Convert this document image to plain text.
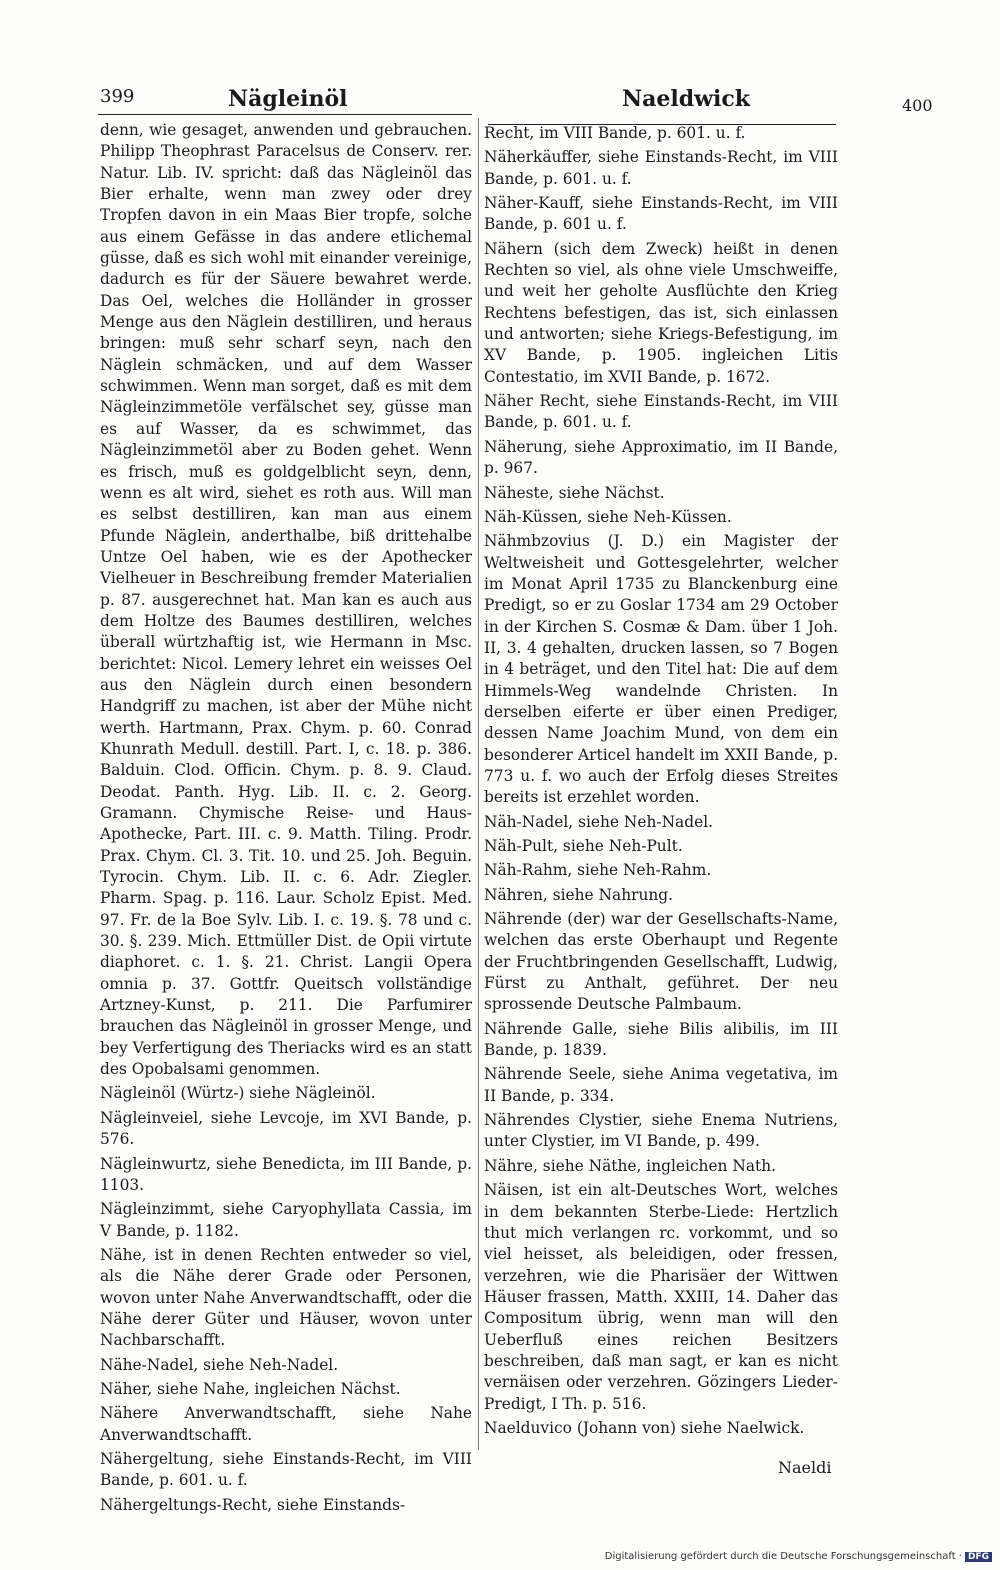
399	Nägleinöl	Naeldwick	400

denn, wie gesaget, anwenden und gebrauchen. Philipp Theophrast Paracelsus de Conserv. rer. Natur. Lib. IV. spricht: daß das Nägleinöl das Bier erhalte, wenn man zwey oder drey Tropfen davon in ein Maas Bier tropfe, solche aus einem Gefässe in das andere etlichemal güsse, daß es sich wohl mit einander vereinige, dadurch es für der Säuere bewahret werde. Das Oel, welches die Holländer in grosser Menge aus den Näglein destilliren, und heraus bringen: muß sehr scharf seyn, nach den Näglein schmäcken, und auf dem Wasser schwimmen. Wenn man sorget, daß es mit dem Nägleinzimmetöle verfälschet sey, güsse man es auf Wasser, da es schwimmet, das Nägleinzimmetöl aber zu Boden gehet. Wenn es frisch, muß es goldgelblicht seyn, denn, wenn es alt wird, siehet es roth aus. Will man es selbst destilliren, kan man aus einem Pfunde Näglein, anderthalbe, biß drittehalbe Untze Oel haben, wie es der Apothecker Vielheuer in Beschreibung fremder Materialien p. 87. ausgerechnet hat. Man kan es auch aus dem Holtze des Baumes destilliren, welches überall würtzhaftig ist, wie Hermann in Msc. berichtet: Nicol. Lemery lehret ein weisses Oel aus den Näglein durch einen besondern Handgriff zu machen, ist aber der Mühe nicht werth. Hartmann, Prax. Chym. p. 60. Conrad Khunrath Medull. destill. Part. I, c. 18. p. 386. Balduin. Clod. Officin. Chym. p. 8. 9. Claud. Deodat. Panth. Hyg. Lib. II. c. 2. Georg. Gramann. Chymische Reise- und Haus-Apothecke, Part. III. c. 9. Matth. Tiling. Prodr. Prax. Chym. Cl. 3. Tit. 10. und 25. Joh. Beguin. Tyrocin. Chym. Lib. II. c. 6. Adr. Ziegler. Pharm. Spag. p. 116. Laur. Scholz Epist. Med. 97. Fr. de la Boe Sylv. Lib. I. c. 19. §. 78 und c. 30. §. 239. Mich. Ettmüller Dist. de Opii virtute diaphoret. c. 1. §. 21. Christ. Langii Opera omnia p. 37. Gottfr. Queitsch vollständige Artzney-Kunst, p. 211. Die Parfumirer brauchen das Nägleinöl in grosser Menge, und bey Verfertigung des Theriacks wird es an statt des Opobalsami genommen.

Nägleinöl (Würtz-) siehe Nägleinöl.

Nägleinveiel, siehe Levcoje, im XVI Bande, p. 576.

Nägleinwurtz, siehe Benedicta, im III Bande, p. 1103.

Nägleinzimmt, siehe Caryophyllata Cassia, im V Bande, p. 1182.

Nähe, ist in denen Rechten entweder so viel, als die Nähe derer Grade oder Personen, wovon unter Nahe Anverwandtschafft, oder die Nähe derer Güter und Häuser, wovon unter Nachbarschafft.

Nähe-Nadel, siehe Neh-Nadel.

Näher, siehe Nahe, ingleichen Nächst.

Nähere Anverwandtschafft, siehe Nahe Anverwandtschafft.

Nähergeltung, siehe Einstands-Recht, im VIII Bande, p. 601. u. f.

Nähergeltungs-Recht, siehe Einstands-

Recht, im VIII Bande, p. 601. u. f.

Näherkäuffer, siehe Einstands-Recht, im VIII Bande, p. 601. u. f.

Näher-Kauff, siehe Einstands-Recht, im VIII Bande, p. 601 u. f.

Nähern (sich dem Zweck) heißt in denen Rechten so viel, als ohne viele Umschweiffe, und weit her geholte Ausflüchte den Krieg Rechtens befestigen, das ist, sich einlassen und antworten; siehe Kriegs-Befestigung, im XV Bande, p. 1905. ingleichen Litis Contestatio, im XVII Bande, p. 1672.

Näher Recht, siehe Einstands-Recht, im VIII Bande, p. 601. u. f.

Näherung, siehe Approximatio, im II Bande, p. 967.

Näheste, siehe Nächst.

Näh-Küssen, siehe Neh-Küssen.

Nähmbzovius (J. D.) ein Magister der Weltweisheit und Gottesgelehrter, welcher im Monat April 1735 zu Blanckenburg eine Predigt, so er zu Goslar 1734 am 29 October in der Kirchen S. Cosmæ & Dam. über 1 Joh. II, 3. 4 gehalten, drucken lassen, so 7 Bogen in 4 beträget, und den Titel hat: Die auf dem Himmels-Weg wandelnde Christen. In derselben eiferte er über einen Prediger, dessen Name Joachim Mund, von dem ein besonderer Articel handelt im XXII Bande, p. 773 u. f. wo auch der Erfolg dieses Streites bereits ist erzehlet worden.

Näh-Nadel, siehe Neh-Nadel.

Näh-Pult, siehe Neh-Pult.

Näh-Rahm, siehe Neh-Rahm.

Nähren, siehe Nahrung.

Nährende (der) war der Gesellschafts-Name, welchen das erste Oberhaupt und Regente der Fruchtbringenden Gesellschafft, Ludwig, Fürst zu Anthalt, geführet. Der neu sprossende Deutsche Palmbaum.

Nährende Galle, siehe Bilis alibilis, im III Bande, p. 1839.

Nährende Seele, siehe Anima vegetativa, im II Bande, p. 334.

Nährendes Clystier, siehe Enema Nutriens, unter Clystier, im VI Bande, p. 499.

Nähre, siehe Näthe, ingleichen Nath.

Näisen, ist ein alt-Deutsches Wort, welches in dem bekannten Sterbe-Liede: Hertzlich thut mich verlangen rc. vorkommt, und so viel heisset, als beleidigen, oder fressen, verzehren, wie die Pharisäer der Wittwen Häuser frassen, Matth. XXIII, 14. Daher das Compositum übrig, wenn man will den Ueberfluß eines reichen Besitzers beschreiben, daß man sagt, er kan es nicht vernäisen oder verzehren. Gözingers Lieder-Predigt, I Th. p. 516.

Naelduvico (Johann von) siehe Naelwick.

Naeldi
Digitalisierung gefördert durch die Deutsche Forschungsgemeinschaft · DFG
